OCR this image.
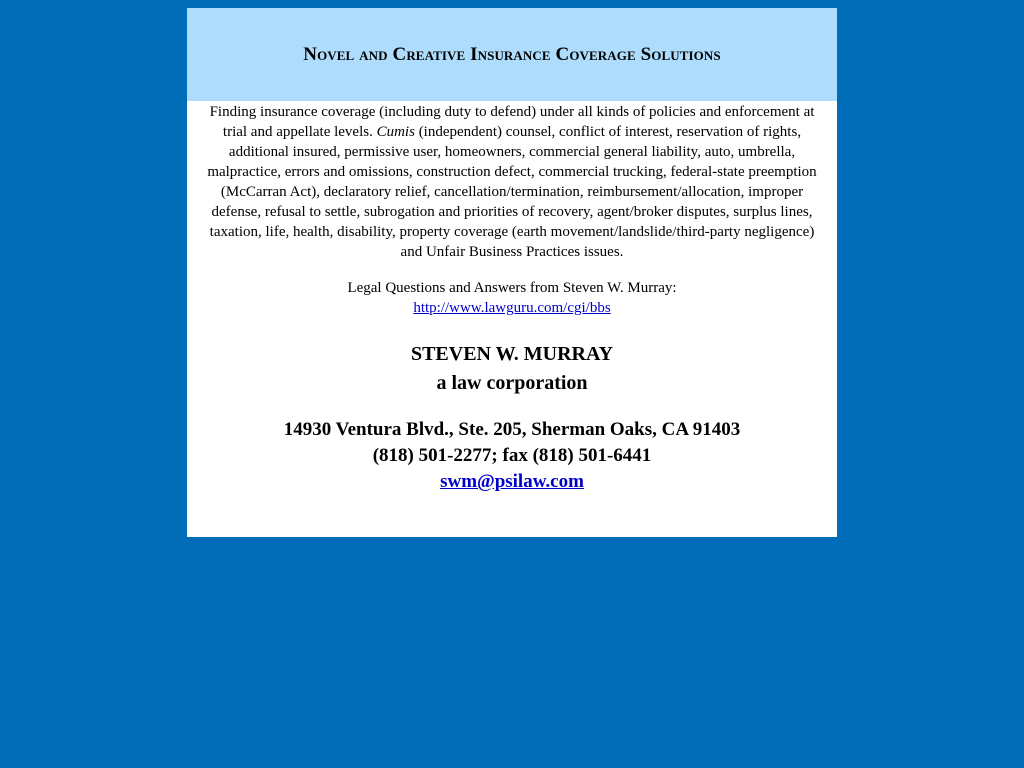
Novel and Creative Insurance Coverage Solutions

Finding insurance coverage (including duty to defend) under all kinds of policies and enforcement at trial and appellate levels. Cumis (independent) counsel, conflict of interest, reservation of rights, additional insured, permissive user, homeowners, commercial general liability, auto, umbrella, malpractice, errors and omissions, construction defect, commercial trucking, federal-state preemption (McCarran Act), declaratory relief, cancellation/termination, reimbursement/allocation, improper defense, refusal to settle, subrogation and priorities of recovery, agent/broker disputes, surplus lines, taxation, life, health, disability, property coverage (earth movement/landslide/third-party negligence) and Unfair Business Practices issues.

Legal Questions and Answers from Steven W. Murray:
http://www.lawguru.com/cgi/bbs

STEVEN W. MURRAY
a law corporation
14930 Ventura Blvd., Ste. 205, Sherman Oaks, CA 91403
(818) 501-2277; fax (818) 501-6441
swm@psilaw.com
